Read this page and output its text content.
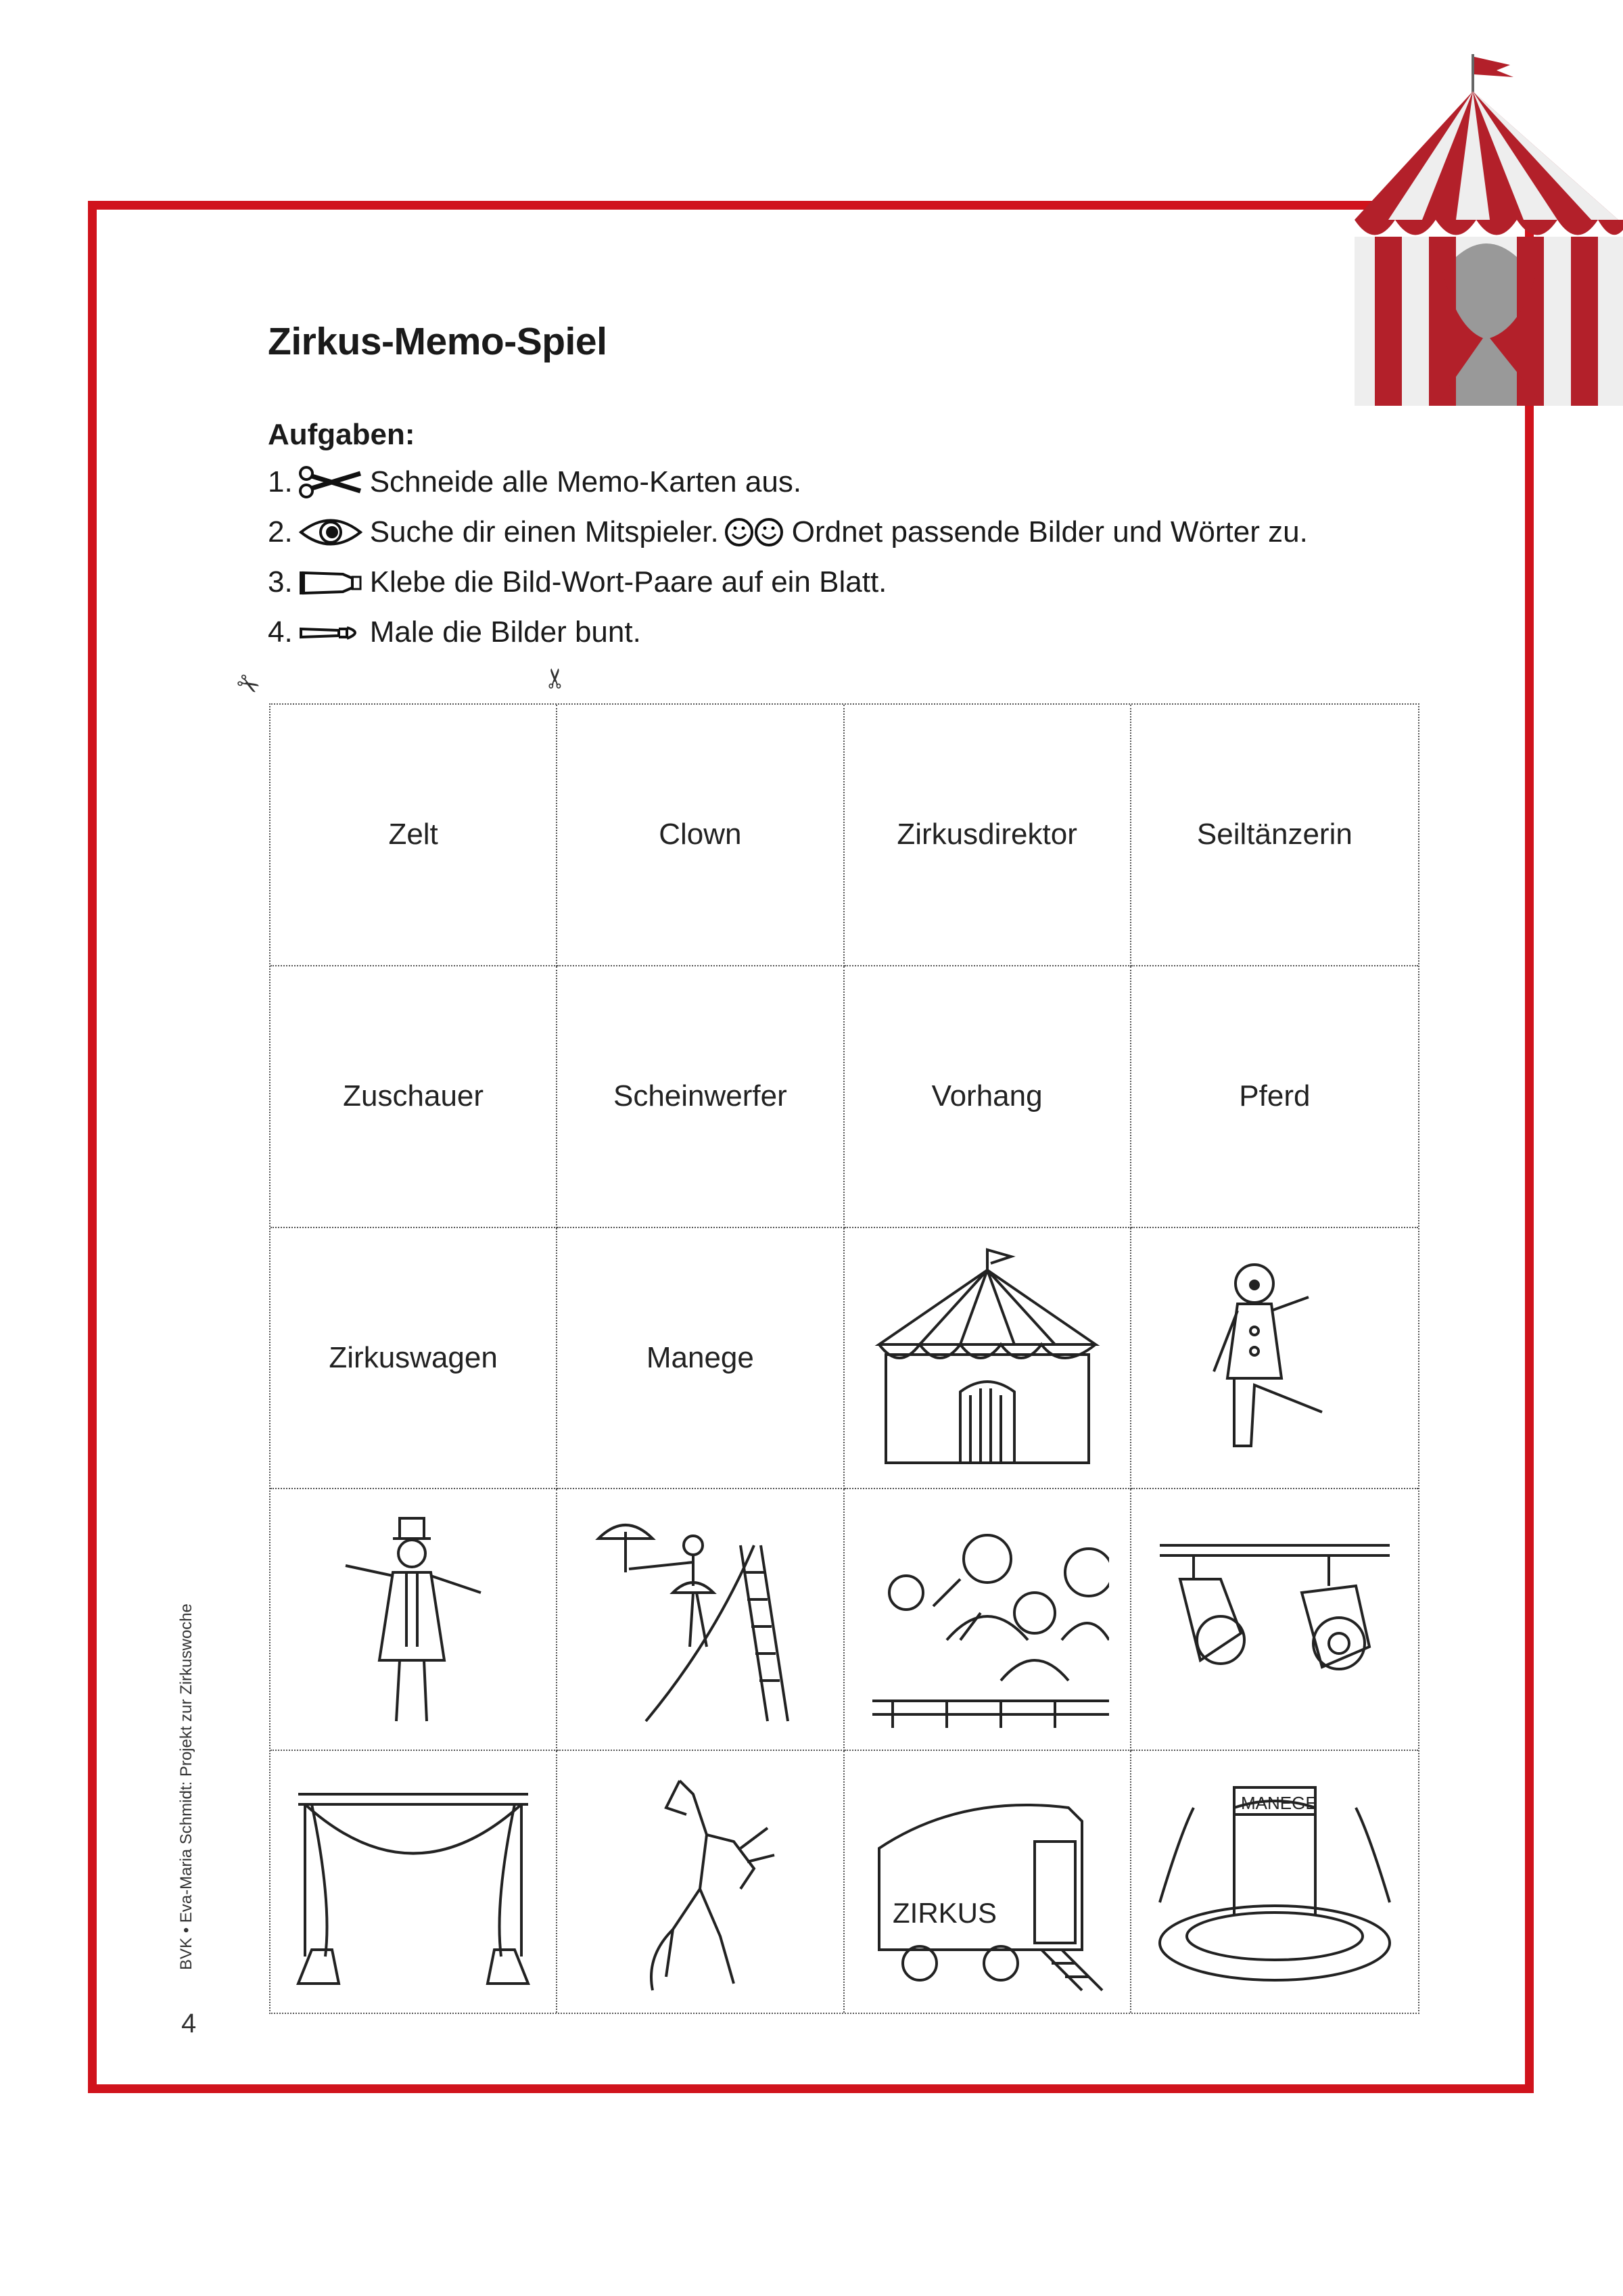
Zirkus-Memo-Spiel
Aufgaben:
1.	Schneide alle Memo-Karten aus.
2.	Suche dir einen Mitspieler. Ordnet passende Bilder und Wörter zu.
3.	Klebe die Bild-Wort-Paare auf ein Blatt.
4.	Male die Bilder bunt.
✂	✂
Zelt	Clown	Zirkusdirektor	Seiltänzerin
Zuschauer	Scheinwerfer	Vorhang	Pferd
Zirkuswagen	Manege
ZIRKUS
MANEGE
BVK • Eva-Maria Schmidt: Projekt zur Zirkuswoche
4
